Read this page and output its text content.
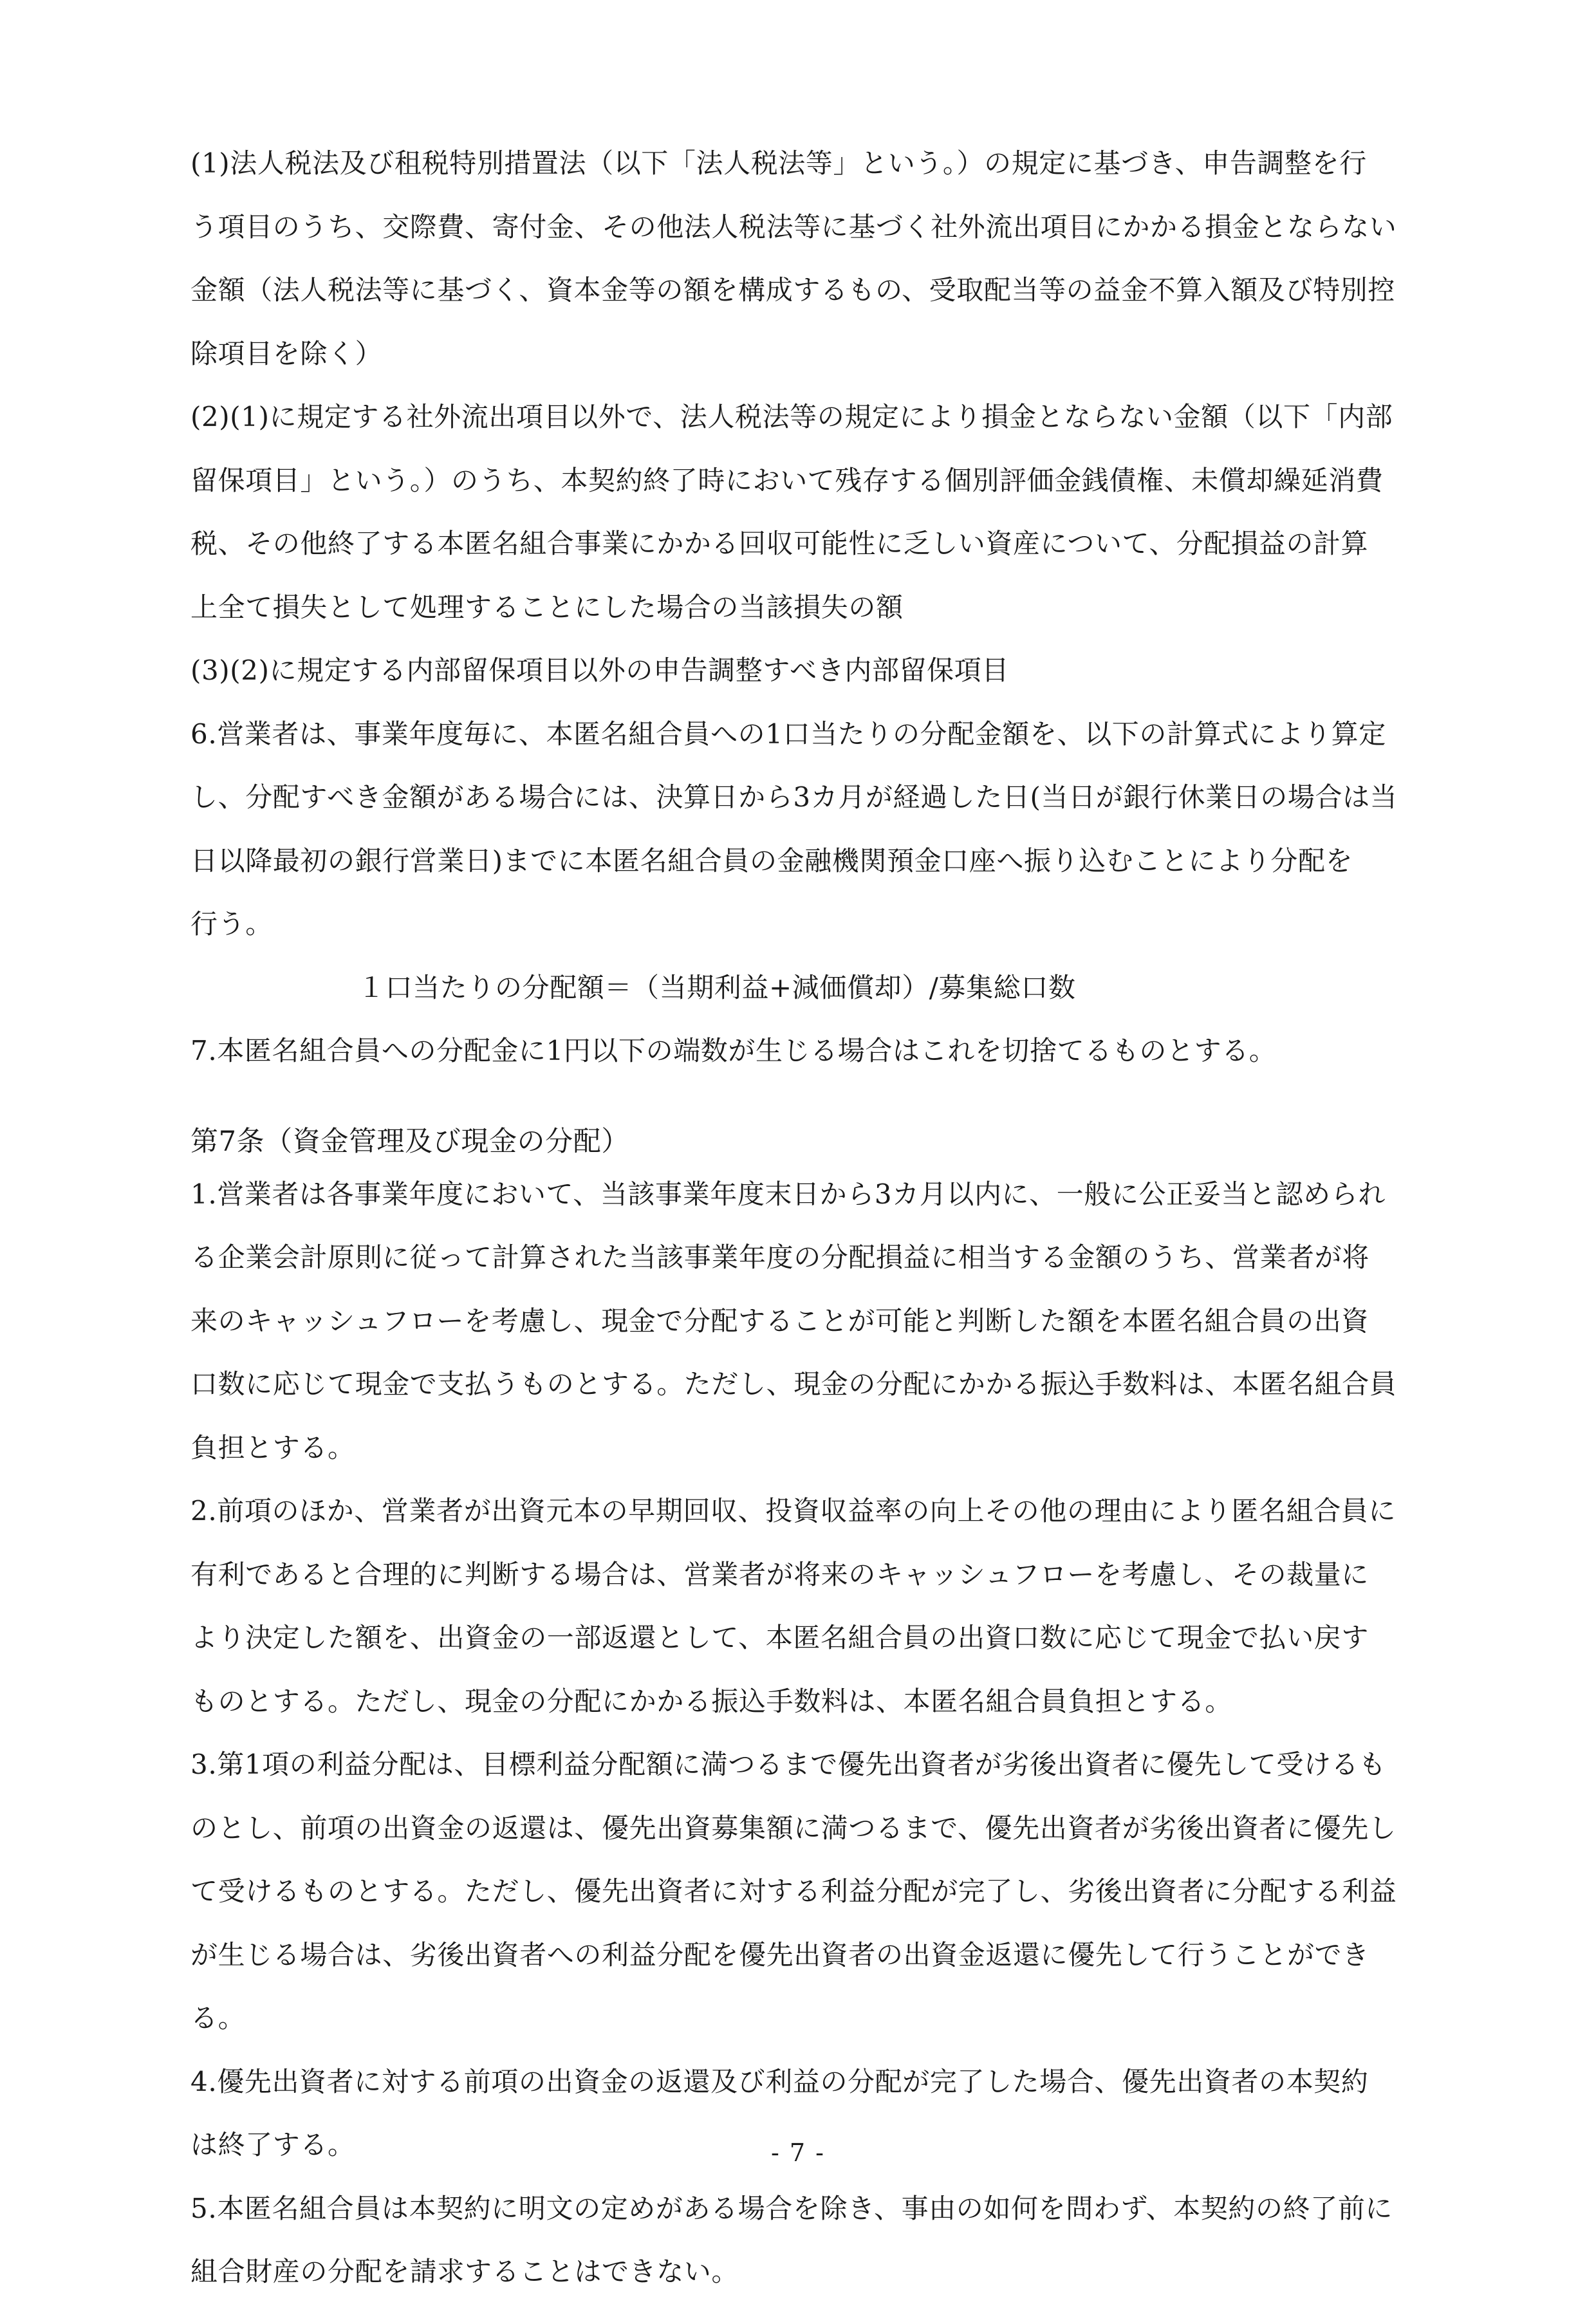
(1)法人税法及び租税特別措置法（以下「法人税法等」という。）の規定に基づき、申告調整を行
う項目のうち、交際費、寄付金、その他法人税法等に基づく社外流出項目にかかる損金とならない
金額（法人税法等に基づく、資本金等の額を構成するもの、受取配当等の益金不算入額及び特別控
除項目を除く）
(2)(1)に規定する社外流出項目以外で、法人税法等の規定により損金とならない金額（以下「内部
留保項目」という。）のうち、本契約終了時において残存する個別評価金銭債権、未償却繰延消費
税、その他終了する本匿名組合事業にかかる回収可能性に乏しい資産について、分配損益の計算
上全て損失として処理することにした場合の当該損失の額
(3)(2)に規定する内部留保項目以外の申告調整すべき内部留保項目
6.営業者は、事業年度毎に、本匿名組合員への1口当たりの分配金額を、以下の計算式により算定
し、分配すべき金額がある場合には、決算日から3カ月が経過した日(当日が銀行休業日の場合は当
日以降最初の銀行営業日)までに本匿名組合員の金融機関預金口座へ振り込むことにより分配を
行う。
１口当たりの分配額＝（当期利益+減価償却）/募集総口数
7.本匿名組合員への分配金に1円以下の端数が生じる場合はこれを切捨てるものとする。
第7条（資金管理及び現金の分配）
1.営業者は各事業年度において、当該事業年度末日から3カ月以内に、一般に公正妥当と認められ
る企業会計原則に従って計算された当該事業年度の分配損益に相当する金額のうち、営業者が将
来のキャッシュフローを考慮し、現金で分配することが可能と判断した額を本匿名組合員の出資
口数に応じて現金で支払うものとする。ただし、現金の分配にかかる振込手数料は、本匿名組合員
負担とする。
2.前項のほか、営業者が出資元本の早期回収、投資収益率の向上その他の理由により匿名組合員に
有利であると合理的に判断する場合は、営業者が将来のキャッシュフローを考慮し、その裁量に
より決定した額を、出資金の一部返還として、本匿名組合員の出資口数に応じて現金で払い戻す
ものとする。ただし、現金の分配にかかる振込手数料は、本匿名組合員負担とする。
3.第1項の利益分配は、目標利益分配額に満つるまで優先出資者が劣後出資者に優先して受けるも
のとし、前項の出資金の返還は、優先出資募集額に満つるまで、優先出資者が劣後出資者に優先し
て受けるものとする。ただし、優先出資者に対する利益分配が完了し、劣後出資者に分配する利益
が生じる場合は、劣後出資者への利益分配を優先出資者の出資金返還に優先して行うことができ
る。
4.優先出資者に対する前項の出資金の返還及び利益の分配が完了した場合、優先出資者の本契約
は終了する。
5.本匿名組合員は本契約に明文の定めがある場合を除き、事由の如何を問わず、本契約の終了前に
組合財産の分配を請求することはできない。
- 7 -
